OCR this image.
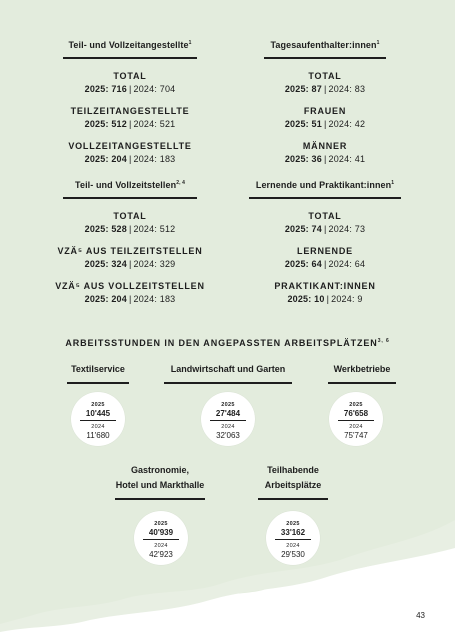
Teil- und Vollzeitangestellte$^1$
TOTAL
2025: 716 | 2024: 704
TEILZEITANGESTELLTE
2025: 512 | 2024: 521
VOLLZEITANGESTELLTE
2025: 204 | 2024: 183
Tagesaufenthalter:innen$^1$
TOTAL
2025: 87 | 2024: 83
FRAUEN
2025: 51 | 2024: 42
MÄNNER
2025: 36 | 2024: 41
Teil- und Vollzeitstellen$^{2, 4}$
TOTAL
2025: 528 | 2024: 512
VZÄ⁵ AUS TEILZEITSTELLEN
2025: 324 | 2024: 329
VZÄ⁵ AUS VOLLZEITSTELLEN
2025: 204 | 2024: 183
Lernende und Praktikant:innen$^1$
TOTAL
2025: 74 | 2024: 73
LERNENDE
2025: 64 | 2024: 64
PRAKTIKANT:INNEN
2025: 10 | 2024: 9
ARBEITSSTUNDEN IN DEN ANGEPASSTEN ARBEITSPLÄTZEN$^{3, 6}$
Textilservice
2025
10'445
2024
11'680
Landwirtschaft und Garten
2025
27'484
2024
32'063
Werkbetriebe
2025
76'658
2024
75'747
Gastronomie,
Hotel und Markthalle
2025
40'939
2024
42'923
Teilhabende
Arbeitsplätze
2025
33'162
2024
29'530
43
